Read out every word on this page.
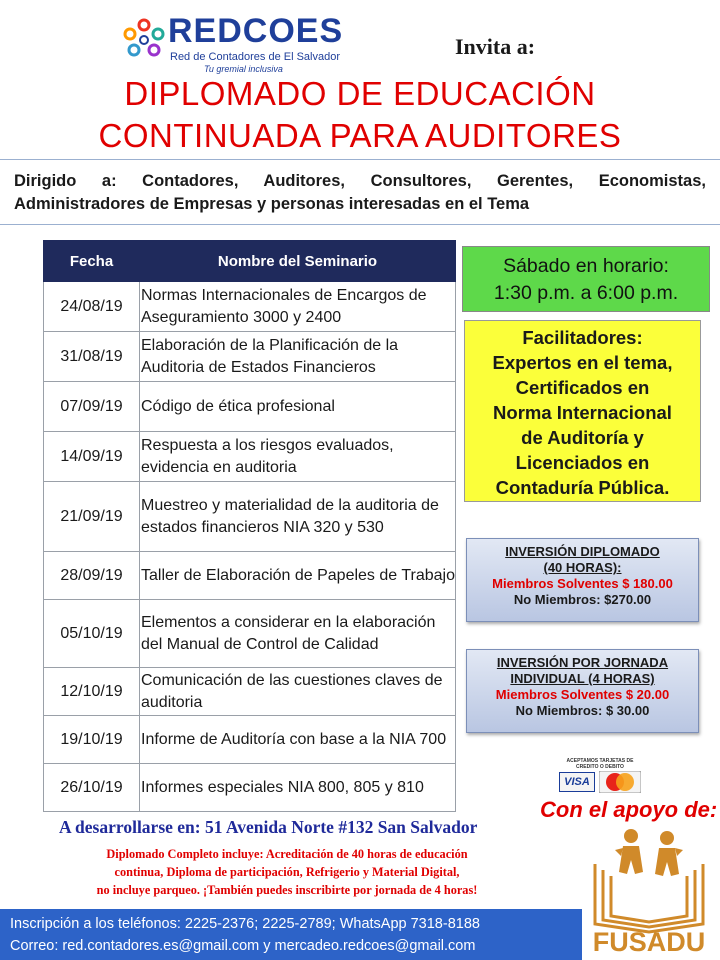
REDCOES
Red de Contadores de El Salvador
Tu gremial inclusiva
Invita a:
DIPLOMADO DE EDUCACIÓN
CONTINUADA PARA AUDITORES
Dirigido a: Contadores, Auditores, Consultores, Gerentes, Economistas, Administradores de Empresas y personas interesadas en el Tema
Fecha	Nombre del Seminario
24/08/19	Normas Internacionales de Encargos de Aseguramiento 3000 y 2400
31/08/19	Elaboración de la Planificación de la Auditoria de Estados Financieros
07/09/19	Código de ética profesional
14/09/19	Respuesta a los riesgos evaluados, evidencia en auditoria
21/09/19	Muestreo y materialidad de la auditoria de estados financieros NIA 320 y 530
28/09/19	Taller de Elaboración de Papeles de Trabajo
05/10/19	Elementos a considerar en la elaboración del Manual de Control de Calidad
12/10/19	Comunicación de las cuestiones claves de auditoria
19/10/19	Informe de Auditoría con base a la NIA 700
26/10/19	Informes especiales NIA 800, 805 y 810
Sábado en horario:
1:30 p.m. a 6:00 p.m.
Facilitadores:
Expertos en el tema,
Certificados en
Norma Internacional
de Auditoría y
Licenciados en
Contaduría Pública.
INVERSIÓN DIPLOMADO
(40 HORAS):
Miembros Solventes $ 180.00
No Miembros: $270.00
INVERSIÓN POR JORNADA
INDIVIDUAL (4 HORAS)
Miembros Solventes $ 20.00
No Miembros: $ 30.00
ACEPTAMOS TARJETAS DE CREDITO O DEBITO
VISA
Con el apoyo de:
FUSADU
A desarrollarse en: 51 Avenida Norte #132 San Salvador
Diplomado Completo incluye: Acreditación de 40 horas de educación
continua, Diploma de participación, Refrigerio y Material Digital,
no incluye parqueo. ¡También puedes inscribirte por jornada de 4 horas!
Inscripción a los teléfonos: 2225-2376; 2225-2789; WhatsApp 7318-8188
Correo: red.contadores.es@gmail.com y mercadeo.redcoes@gmail.com
